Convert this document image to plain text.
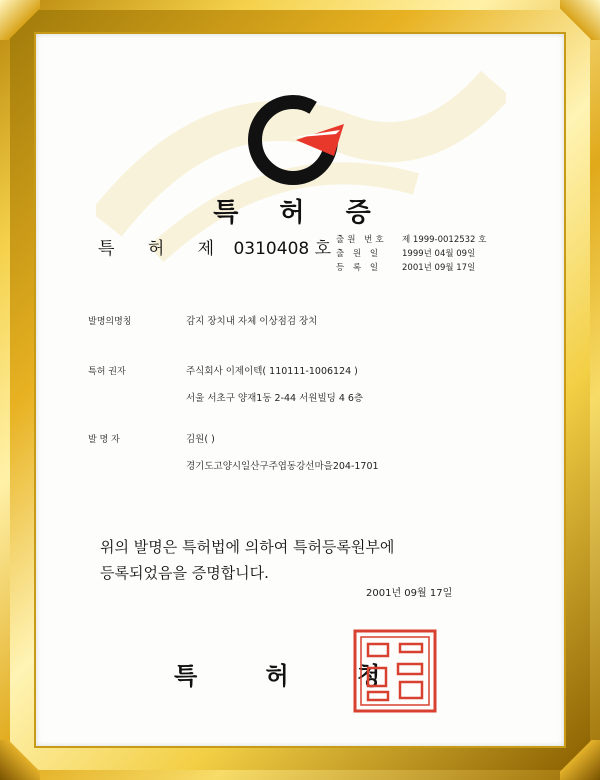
특 허 증
특 허 제 0310408 호 출원 번호	제 1999-0012532 호
출 원 일	1999년 04월 09일
등 록 일	2001년 09월 17일
발명의명칭	감지 장치내 자체 이상점검 장치
특허 권자	주식회사 이제이텍( 110111-1006124 )
서울 서초구 양재1동 2-44 서원빌딩 4 6층
발 명 자	김원( )
경기도고양시일산구주엽동강선마을204-1701
위의 발명은 특허법에 의하여 특허등록원부에
등록되었음을 증명합니다.
2001년 09월 17일
특 허 청
